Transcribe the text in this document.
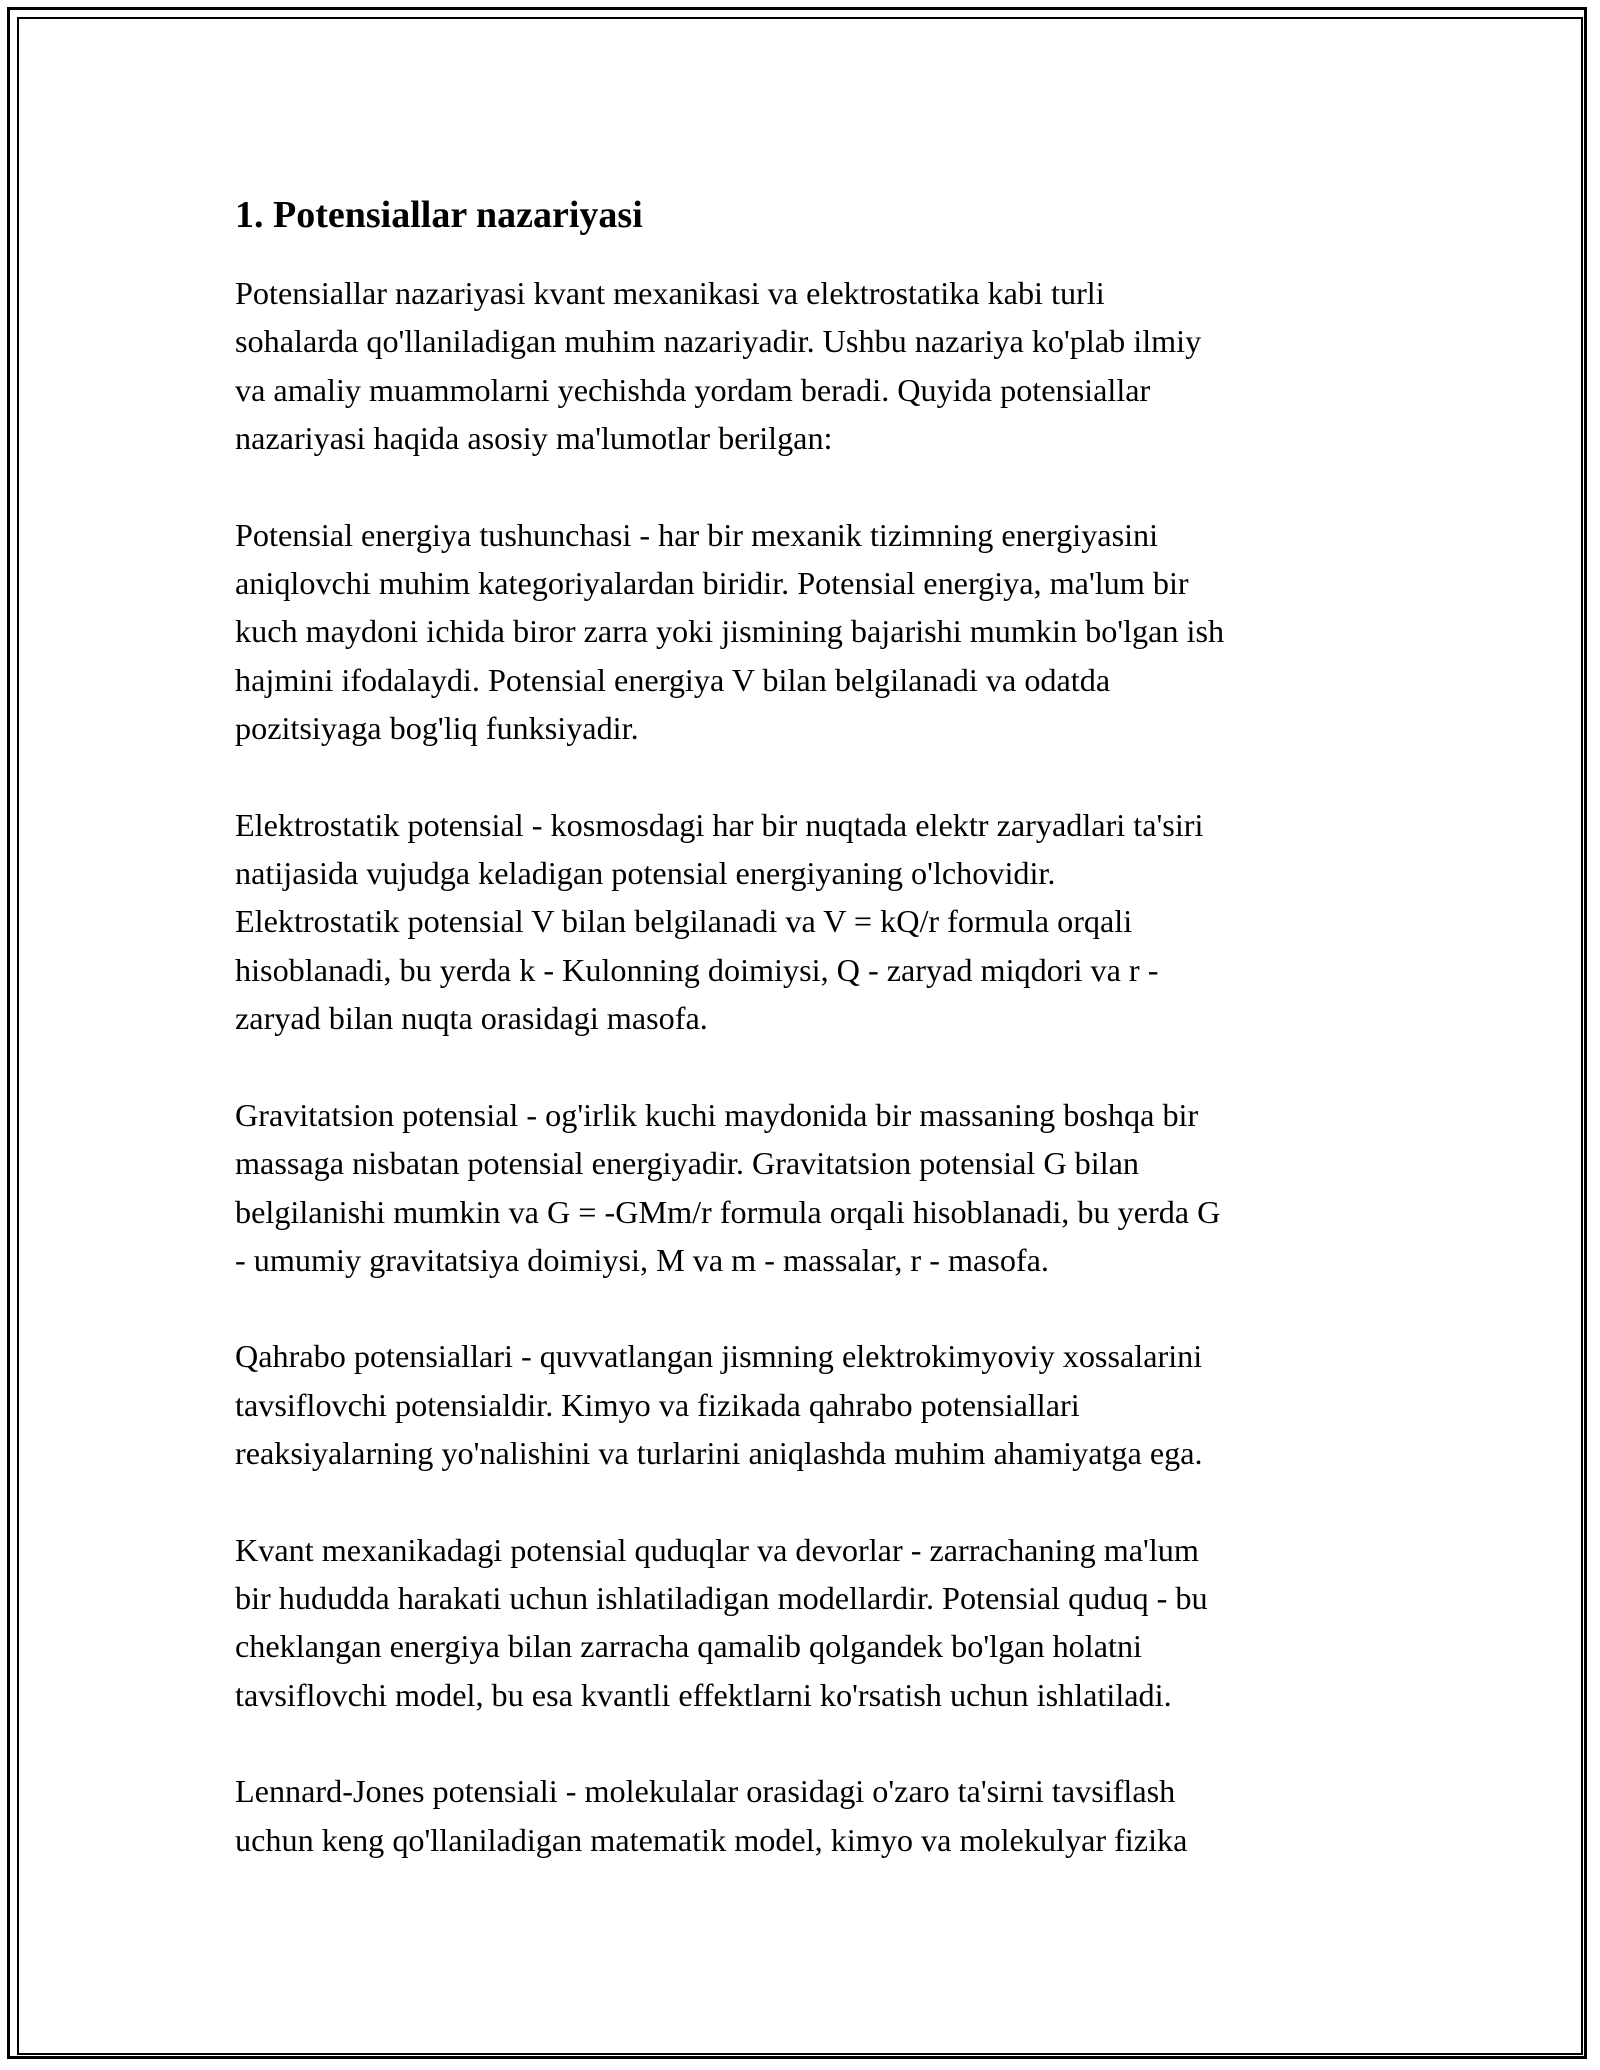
1. Potensiallar nazariyasi

Potensiallar nazariyasi kvant mexanikasi va elektrostatika kabi turli
sohalarda qo'llaniladigan muhim nazariyadir. Ushbu nazariya ko'plab ilmiy
va amaliy muammolarni yechishda yordam beradi. Quyida potensiallar
nazariyasi haqida asosiy ma'lumotlar berilgan:

Potensial energiya tushunchasi - har bir mexanik tizimning energiyasini
aniqlovchi muhim kategoriyalardan biridir. Potensial energiya, ma'lum bir
kuch maydoni ichida biror zarra yoki jismining bajarishi mumkin bo'lgan ish
hajmini ifodalaydi. Potensial energiya V bilan belgilanadi va odatda
pozitsiyaga bog'liq funksiyadir.

Elektrostatik potensial - kosmosdagi har bir nuqtada elektr zaryadlari ta'siri
natijasida vujudga keladigan potensial energiyaning o'lchovidir.
Elektrostatik potensial V bilan belgilanadi va V = kQ/r formula orqali
hisoblanadi, bu yerda k - Kulonning doimiysi, Q - zaryad miqdori va r -
zaryad bilan nuqta orasidagi masofa.

Gravitatsion potensial - og'irlik kuchi maydonida bir massaning boshqa bir
massaga nisbatan potensial energiyadir. Gravitatsion potensial G bilan
belgilanishi mumkin va G = -GMm/r formula orqali hisoblanadi, bu yerda G
- umumiy gravitatsiya doimiysi, M va m - massalar, r - masofa.

Qahrabo potensiallari - quvvatlangan jismning elektrokimyoviy xossalarini
tavsiflovchi potensialdir. Kimyo va fizikada qahrabo potensiallari
reaksiyalarning yo'nalishini va turlarini aniqlashda muhim ahamiyatga ega.

Kvant mexanikadagi potensial quduqlar va devorlar - zarrachaning ma'lum
bir hududda harakati uchun ishlatiladigan modellardir. Potensial quduq - bu
cheklangan energiya bilan zarracha qamalib qolgandek bo'lgan holatni
tavsiflovchi model, bu esa kvantli effektlarni ko'rsatish uchun ishlatiladi.

Lennard-Jones potensiali - molekulalar orasidagi o'zaro ta'sirni tavsiflash
uchun keng qo'llaniladigan matematik model, kimyo va molekulyar fizika
